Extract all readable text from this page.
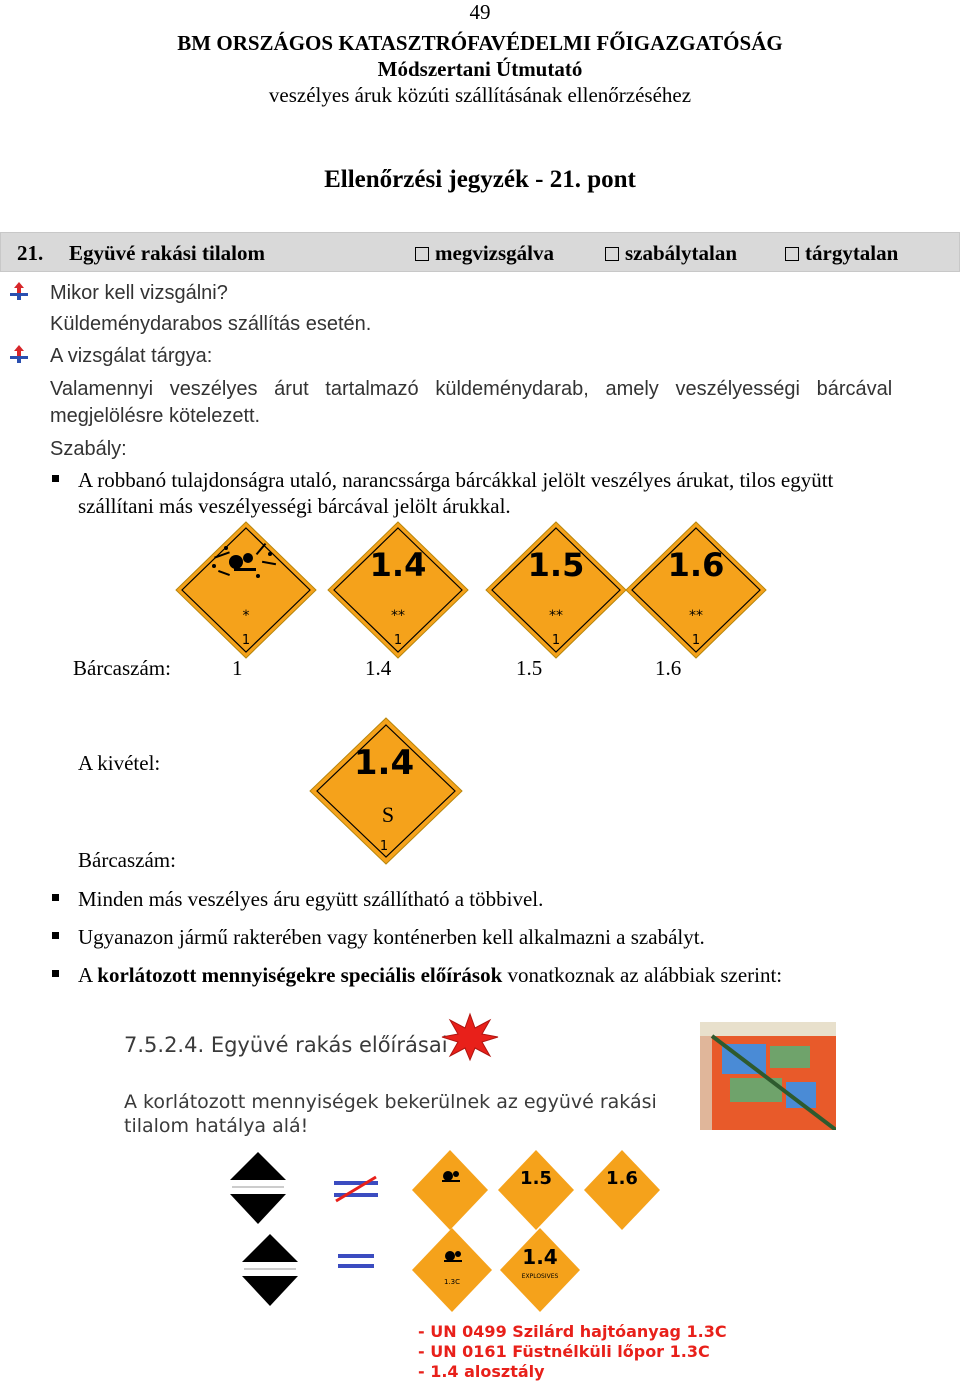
49
BM ORSZÁGOS KATASZTRÓFAVÉDELMI FŐIGAZGATÓSÁG
Módszertani Útmutató
veszélyes áruk közúti szállításának ellenőrzéséhez
Ellenőrzési jegyzék - 21. pont
21. Együvé rakási tilalom	megvizsgálva	szabálytalan	tárgytalan
Mikor kell vizsgálni?
Küldeménydarabos szállítás esetén.
A vizsgálat tárgya:
Valamennyi   veszélyes   árut   tartalmazó   küldeménydarab,   amely   veszélyességi   bárcával
megjelölésre kötelezett.
Szabály:
A robbanó tulajdonságra utaló, narancssárga bárcákkal jelölt veszélyes árukat, tilos együtt
szállítani más veszélyességi bárcával jelölt árukkal.
*
1
1.4
**
1
1.5
**
1
1.6
**
1
Bárcaszám:	1	1.4	1.5	1.6
A kivétel:	1.4
S
1
Bárcaszám:
Minden más veszélyes áru együtt szállítható a többivel.
Ugyanazon jármű rakterében vagy konténerben kell alkalmazni a szabályt.
A korlátozott mennyiségekre speciális előírások vonatkoznak az alábbiak szerint:
7.5.2.4. Együvé rakás előírásai
A korlátozott mennyiségek bekerülnek az együvé rakási
tilalom hatálya alá!
1.5	1.6
1.3C
1.4
EXPLOSIVES
- UN 0499 Szilárd hajtóanyag 1.3C
- UN 0161 Füstnélküli lőpor 1.3C
- 1.4 alosztály
